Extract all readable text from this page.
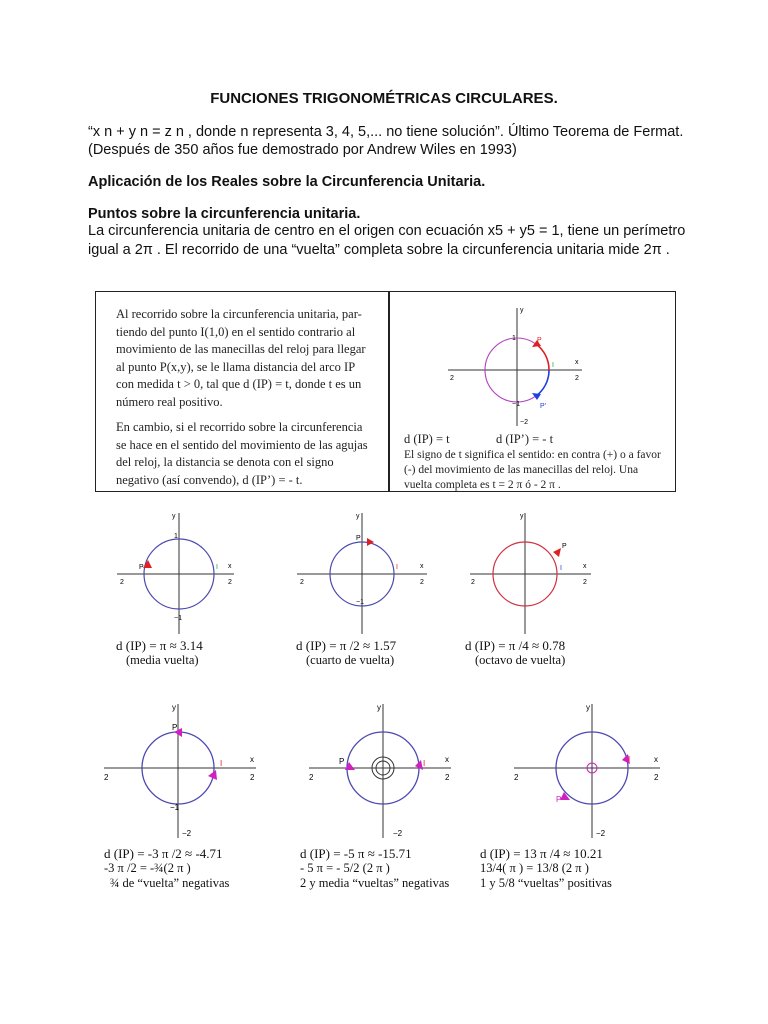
FUNCIONES TRIGONOMÉTRICAS CIRCULARES.
“x n + y n = z n , donde n representa 3, 4, 5,... no tiene solución”. Último Teorema de Fermat.
(Después de 350 años fue demostrado por Andrew Wiles en 1993)
Aplicación de los Reales sobre la Circunferencia Unitaria.
Puntos sobre la circunferencia unitaria.
La circunferencia unitaria de centro en el origen con ecuación x5 + y5 = 1, tiene un perímetro
igual a 2π . El recorrido de una “vuelta” completa sobre la circunferencia unitaria mide 2π .
Al recorrido sobre la circunferencia unitaria, par-
tiendo del punto I(1,0) en el sentido contrario al
movimiento de las manecillas del reloj para llegar
al punto P(x,y), se le llama distancia del arco IP
con medida t > 0, tal que d (IP) = t, donde t es un
número real positivo.
En cambio, si el recorrido sobre la circunferencia
se hace en el sentido del movimiento de las agujas
del reloj, la distancia se denota con el signo
negativo (así convendo), d (IP’) = - t.
d (IP) = t	d (IP’) = - t
El signo de t significa el sentido: en contra (+) o a favor
(-) del movimiento de las manecillas del reloj. Una
vuelta completa es t = 2 π ó - 2 π .
2	2
y
x
1
−1
P
P’
I
−2
2	2
y
x
1
−1
I
P
2	2
y
x
P
−1
I
2	2
y
x
P
I
2	2
y
x
P
−1
I
−2
2	2
y
x
P	I
−2
2	2
y
x
P
I
−2
d (IP) = π ≈ 3.14
(media vuelta)
d (IP) = π /2 ≈ 1.57
(cuarto de vuelta)
d (IP) = π /4 ≈ 0.78
(octavo de vuelta)
d (IP) = -3 π /2 ≈ -4.71
-3 π /2 = -¾(2 π )
¾ de “vuelta” negativas
d (IP) = -5 π ≈ -15.71
- 5 π = - 5/2 (2 π )
2 y media “vueltas” negativas
d (IP) = 13 π /4 ≈ 10.21
13/4( π ) = 13/8 (2 π )
1 y 5/8 “vueltas” positivas
